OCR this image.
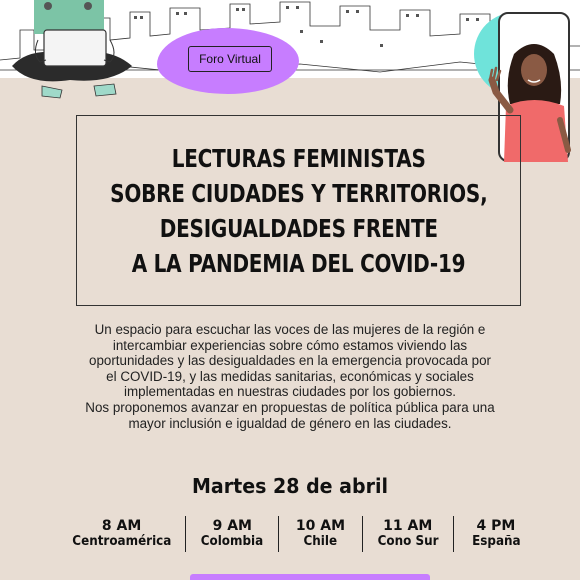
Foro Virtual
LECTURAS FEMINISTAS
SOBRE CIUDADES Y TERRITORIOS,
DESIGUALDADES FRENTE
A LA PANDEMIA DEL COVID-19

Un espacio para escuchar las voces de las mujeres de la región e

intercambiar experiencias sobre cómo estamos viviendo las

oportunidades y las desigualdades en la emergencia provocada por

el COVID-19, y las medidas sanitarias, económicas y sociales

implementadas en nuestras ciudades por los gobiernos.

Nos proponemos avanzar en propuestas de política pública para una

mayor inclusión e igualdad de género en las ciudades.

Martes 28 de abril
8 AM
Centroamérica
9 AM
Colombia
10 AM
Chile
11 AM
Cono Sur
4 PM
España
